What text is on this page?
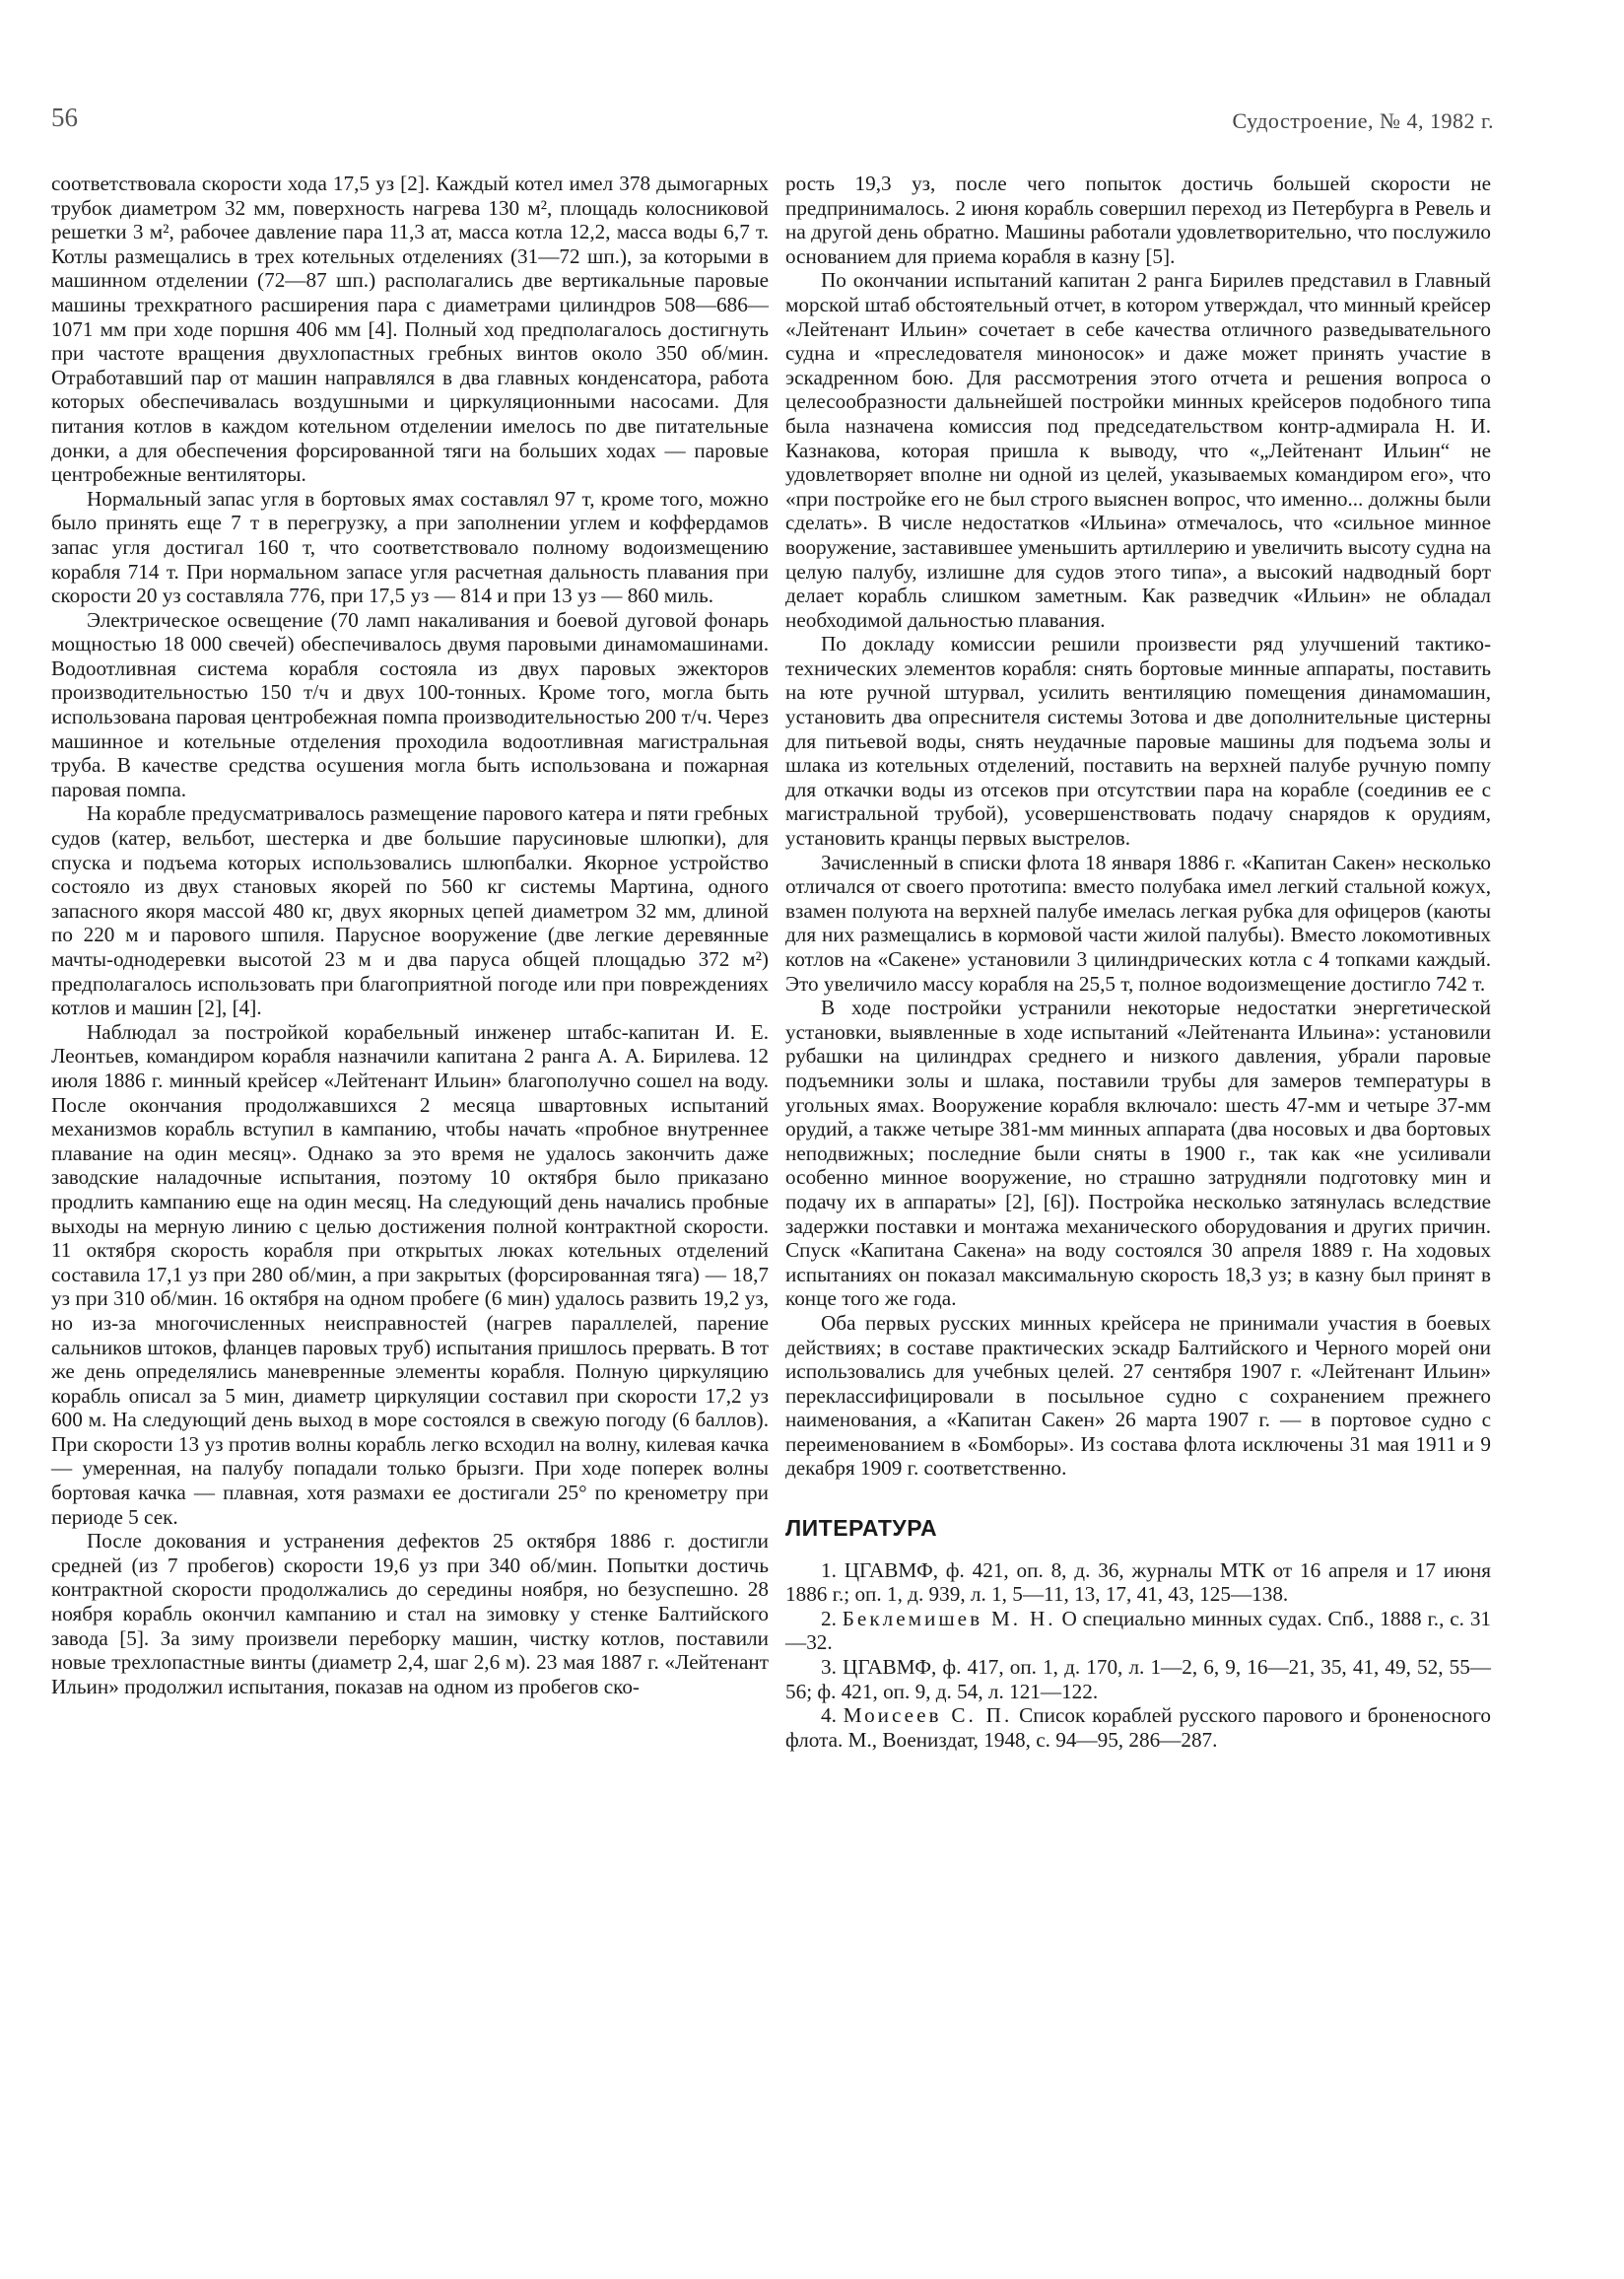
56	Судостроение, № 4, 1982 г.

соответствовала скорости хода 17,5 уз [2]. Каждый котел имел 378 дымогарных трубок диаметром 32 мм, поверхность нагрева 130 м², площадь колосниковой решетки 3 м², рабочее давление пара 11,3 ат, масса котла 12,2, масса воды 6,7 т. Котлы размещались в трех котельных отделениях (31—72 шп.), за которыми в машинном отделении (72—87 шп.) располагались две вертикальные паровые машины трехкратного расширения пара с диаметрами цилиндров 508—686—1071 мм при ходе поршня 406 мм [4]. Полный ход предполагалось достигнуть при частоте вращения двухлопастных гребных винтов около 350 об/мин. Отработавший пар от машин направлялся в два главных конденсатора, работа которых обеспечивалась воздушными и циркуляционными насосами. Для питания котлов в каждом котельном отделении имелось по две питательные донки, а для обеспечения форсированной тяги на больших ходах — паровые центробежные вентиляторы.

Нормальный запас угля в бортовых ямах составлял 97 т, кроме того, можно было принять еще 7 т в перегрузку, а при заполнении углем и коффердамов запас угля достигал 160 т, что соответствовало полному водоизмещению корабля 714 т. При нормальном запасе угля расчетная дальность плавания при скорости 20 уз составляла 776, при 17,5 уз — 814 и при 13 уз — 860 миль.

Электрическое освещение (70 ламп накаливания и боевой дуговой фонарь мощностью 18 000 свечей) обеспечивалось двумя паровыми динамомашинами. Водоотливная система корабля состояла из двух паровых эжекторов производительностью 150 т/ч и двух 100-тонных. Кроме того, могла быть использована паровая центробежная помпа производительностью 200 т/ч. Через машинное и котельные отделения проходила водоотливная магистральная труба. В качестве средства осушения могла быть использована и пожарная паровая помпа.

На корабле предусматривалось размещение парового катера и пяти гребных судов (катер, вельбот, шестерка и две большие парусиновые шлюпки), для спуска и подъема которых использовались шлюпбалки. Якорное устройство состояло из двух становых якорей по 560 кг системы Мартина, одного запасного якоря массой 480 кг, двух якорных цепей диаметром 32 мм, длиной по 220 м и парового шпиля. Парусное вооружение (две легкие деревянные мачты-однодеревки высотой 23 м и два паруса общей площадью 372 м²) предполагалось использовать при благоприятной погоде или при повреждениях котлов и машин [2], [4].

Наблюдал за постройкой корабельный инженер штабс-капитан И. Е. Леонтьев, командиром корабля назначили капитана 2 ранга А. А. Бирилева. 12 июля 1886 г. минный крейсер «Лейтенант Ильин» благополучно сошел на воду. После окончания продолжавшихся 2 месяца швартовных испытаний механизмов корабль вступил в кампанию, чтобы начать «пробное внутреннее плавание на один месяц». Однако за это время не удалось закончить даже заводские наладочные испытания, поэтому 10 октября было приказано продлить кампанию еще на один месяц. На следующий день начались пробные выходы на мерную линию с целью достижения полной контрактной скорости. 11 октября скорость корабля при открытых люках котельных отделений составила 17,1 уз при 280 об/мин, а при закрытых (форсированная тяга) — 18,7 уз при 310 об/мин. 16 октября на одном пробеге (6 мин) удалось развить 19,2 уз, но из-за многочисленных неисправностей (нагрев параллелей, парение сальников штоков, фланцев паровых труб) испытания пришлось прервать. В тот же день определялись маневренные элементы корабля. Полную циркуляцию корабль описал за 5 мин, диаметр циркуляции составил при скорости 17,2 уз 600 м. На следующий день выход в море состоялся в свежую погоду (6 баллов). При скорости 13 уз против волны корабль легко всходил на волну, килевая качка — умеренная, на палубу попадали только брызги. При ходе поперек волны бортовая качка — плавная, хотя размахи ее достигали 25° по кренометру при периоде 5 сек.

После докования и устранения дефектов 25 октября 1886 г. достигли средней (из 7 пробегов) скорости 19,6 уз при 340 об/мин. Попытки достичь контрактной скорости продолжались до середины ноября, но безуспешно. 28 ноября корабль окончил кампанию и стал на зимовку у стенке Балтийского завода [5]. За зиму произвели переборку машин, чистку котлов, поставили новые трехлопастные винты (диаметр 2,4, шаг 2,6 м). 23 мая 1887 г. «Лейтенант Ильин» продолжил испытания, показав на одном из пробегов ско-

рость 19,3 уз, после чего попыток достичь большей скорости не предпринималось. 2 июня корабль совершил переход из Петербурга в Ревель и на другой день обратно. Машины работали удовлетворительно, что послужило основанием для приема корабля в казну [5].

По окончании испытаний капитан 2 ранга Бирилев представил в Главный морской штаб обстоятельный отчет, в котором утверждал, что минный крейсер «Лейтенант Ильин» сочетает в себе качества отличного разведывательного судна и «преследователя миноносок» и даже может принять участие в эскадренном бою. Для рассмотрения этого отчета и решения вопроса о целесообразности дальнейшей постройки минных крейсеров подобного типа была назначена комиссия под председательством контр-адмирала Н. И. Казнакова, которая пришла к выводу, что «„Лейтенант Ильин“ не удовлетворяет вполне ни одной из целей, указываемых командиром его», что «при постройке его не был строго выяснен вопрос, что именно... должны были сделать». В числе недостатков «Ильина» отмечалось, что «сильное минное вооружение, заставившее уменьшить артиллерию и увеличить высоту судна на целую палубу, излишне для судов этого типа», а высокий надводный борт делает корабль слишком заметным. Как разведчик «Ильин» не обладал необходимой дальностью плавания.

По докладу комиссии решили произвести ряд улучшений тактико-технических элементов корабля: снять бортовые минные аппараты, поставить на юте ручной штурвал, усилить вентиляцию помещения динамомашин, установить два опреснителя системы Зотова и две дополнительные цистерны для питьевой воды, снять неудачные паровые машины для подъема золы и шлака из котельных отделений, поставить на верхней палубе ручную помпу для откачки воды из отсеков при отсутствии пара на корабле (соединив ее с магистральной трубой), усовершенствовать подачу снарядов к орудиям, установить кранцы первых выстрелов.

Зачисленный в списки флота 18 января 1886 г. «Капитан Сакен» несколько отличался от своего прототипа: вместо полубака имел легкий стальной кожух, взамен полуюта на верхней палубе имелась легкая рубка для офицеров (каюты для них размещались в кормовой части жилой палубы). Вместо локомотивных котлов на «Сакене» установили 3 цилиндрических котла с 4 топками каждый. Это увеличило массу корабля на 25,5 т, полное водоизмещение достигло 742 т.

В ходе постройки устранили некоторые недостатки энергетической установки, выявленные в ходе испытаний «Лейтенанта Ильина»: установили рубашки на цилиндрах среднего и низкого давления, убрали паровые подъемники золы и шлака, поставили трубы для замеров температуры в угольных ямах. Вооружение корабля включало: шесть 47-мм и четыре 37-мм орудий, а также четыре 381-мм минных аппарата (два носовых и два бортовых неподвижных; последние были сняты в 1900 г., так как «не усиливали особенно минное вооружение, но страшно затрудняли подготовку мин и подачу их в аппараты» [2], [6]). Постройка несколько затянулась вследствие задержки поставки и монтажа механического оборудования и других причин. Спуск «Капитана Сакена» на воду состоялся 30 апреля 1889 г. На ходовых испытаниях он показал максимальную скорость 18,3 уз; в казну был принят в конце того же года.

Оба первых русских минных крейсера не принимали участия в боевых действиях; в составе практических эскадр Балтийского и Черного морей они использовались для учебных целей. 27 сентября 1907 г. «Лейтенант Ильин» переклассифицировали в посыльное судно с сохранением прежнего наименования, а «Капитан Сакен» 26 марта 1907 г. — в портовое судно с переименованием в «Бомборы». Из состава флота исключены 31 мая 1911 и 9 декабря 1909 г. соответственно.

ЛИТЕРАТУРА
1. ЦГАВМФ, ф. 421, оп. 8, д. 36, журналы МТК от 16 апреля и 17 июня 1886 г.; оп. 1, д. 939, л. 1, 5—11, 13, 17, 41, 43, 125—138.
2. Беклемишев М. Н. О специально минных судах. Спб., 1888 г., с. 31—32.
3. ЦГАВМФ, ф. 417, оп. 1, д. 170, л. 1—2, 6, 9, 16—21, 35, 41, 49, 52, 55—56; ф. 421, оп. 9, д. 54, л. 121—122.
4. Моисеев С. П. Список кораблей русского парового и броненосного флота. М., Воениздат, 1948, с. 94—95, 286—287.
